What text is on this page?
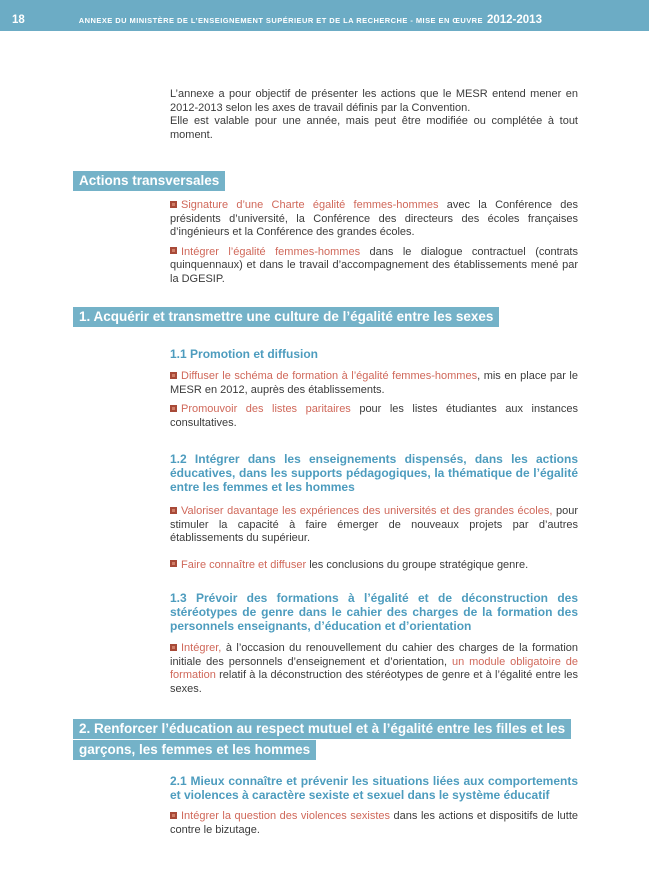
18	ANNEXE DU MINISTÈRE DE L’ENSEIGNEMENT SUPÉRIEUR ET DE LA RECHERCHE - MISE EN ŒUVRE 2012-2013

L’annexe a pour objectif de présenter les actions que le MESR entend mener en 2012-2013 selon les axes de travail définis par la Convention.

Elle est valable pour une année, mais peut être modifiée ou complétée à tout moment.

Actions transversales

Signature d’une Charte égalité femmes-hommes avec la Conférence des présidents d’université, la Conférence des directeurs des écoles françaises d’ingénieurs et la Conférence des grandes écoles.

Intégrer l’égalité femmes-hommes dans le dialogue contractuel (contrats quinquennaux) et dans le travail d’accompagnement des établissements mené par la DGESIP.

1. Acquérir et transmettre une culture de l’égalité entre les sexes
1.1 Promotion et diffusion

Diffuser le schéma de formation à l’égalité femmes-hommes, mis en place par le MESR en 2012, auprès des établissements.

Promouvoir des listes paritaires pour les listes étudiantes aux instances consultatives.

1.2 Intégrer dans les enseignements dispensés, dans les actions éducatives, dans les supports pédagogiques, la thématique de l’égalité entre les femmes et les hommes

Valoriser davantage les expériences des universités et des grandes écoles, pour stimuler la capacité à faire émerger de nouveaux projets par d’autres établissements du supérieur.

Faire connaître et diffuser les conclusions du groupe stratégique genre.

1.3 Prévoir des formations à l’égalité et de déconstruction des stéréotypes de genre dans le cahier des charges de la formation des personnels enseignants, d’éducation et d’orientation

Intégrer, à l’occasion du renouvellement du cahier des charges de la formation initiale des personnels d’enseignement et d’orientation, un module obligatoire de formation relatif à la déconstruction des stéréotypes de genre et à l’égalité entre les sexes.

2. Renforcer l’éducation au respect mutuel et à l’égalité entre les filles et les garçons, les femmes et les hommes
2.1 Mieux connaître et prévenir les situations liées aux comportements et violences à caractère sexiste et sexuel dans le système éducatif

Intégrer la question des violences sexistes dans les actions et dispositifs de lutte contre le bizutage.
